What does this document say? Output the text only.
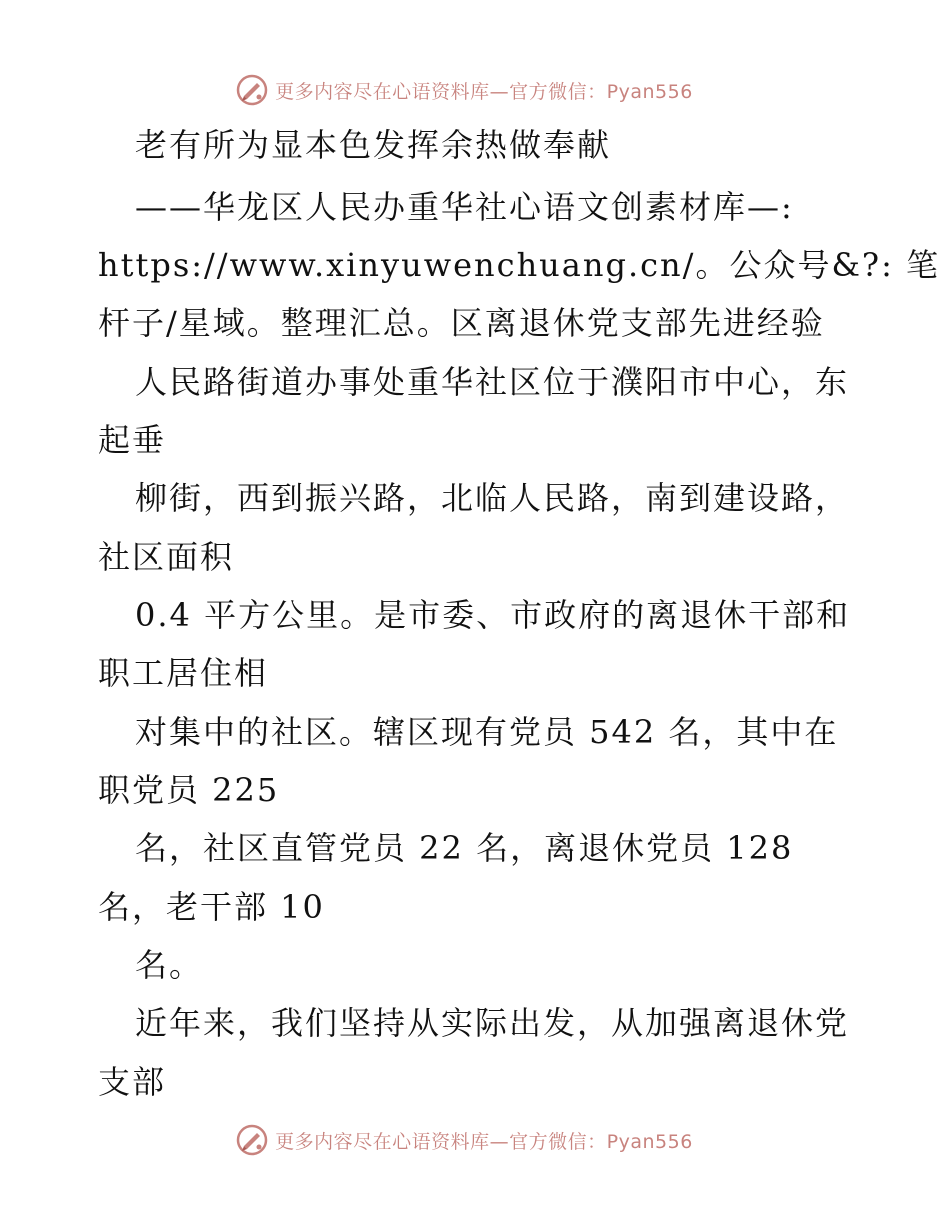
更多内容尽在心语资料库—官方微信：Pyan556
老有所为显本色发挥余热做奉献
——华龙区人民办重华社心语文创素材库—:
https://www.xinyuwenchuang.cn/。公众号&?: 笔
杆子/星域。整理汇总。区离退休党支部先进经验
人民路街道办事处重华社区位于濮阳市中心，东
起垂
柳街，西到振兴路，北临人民路，南到建设路，
社区面积
0.4 平方公里。是市委、市政府的离退休干部和
职工居住相
对集中的社区。辖区现有党员 542 名，其中在
职党员 225
名，社区直管党员 22 名，离退休党员 128
名，老干部 10
名。
近年来，我们坚持从实际出发，从加强离退休党
支部
更多内容尽在心语资料库—官方微信：Pyan556
